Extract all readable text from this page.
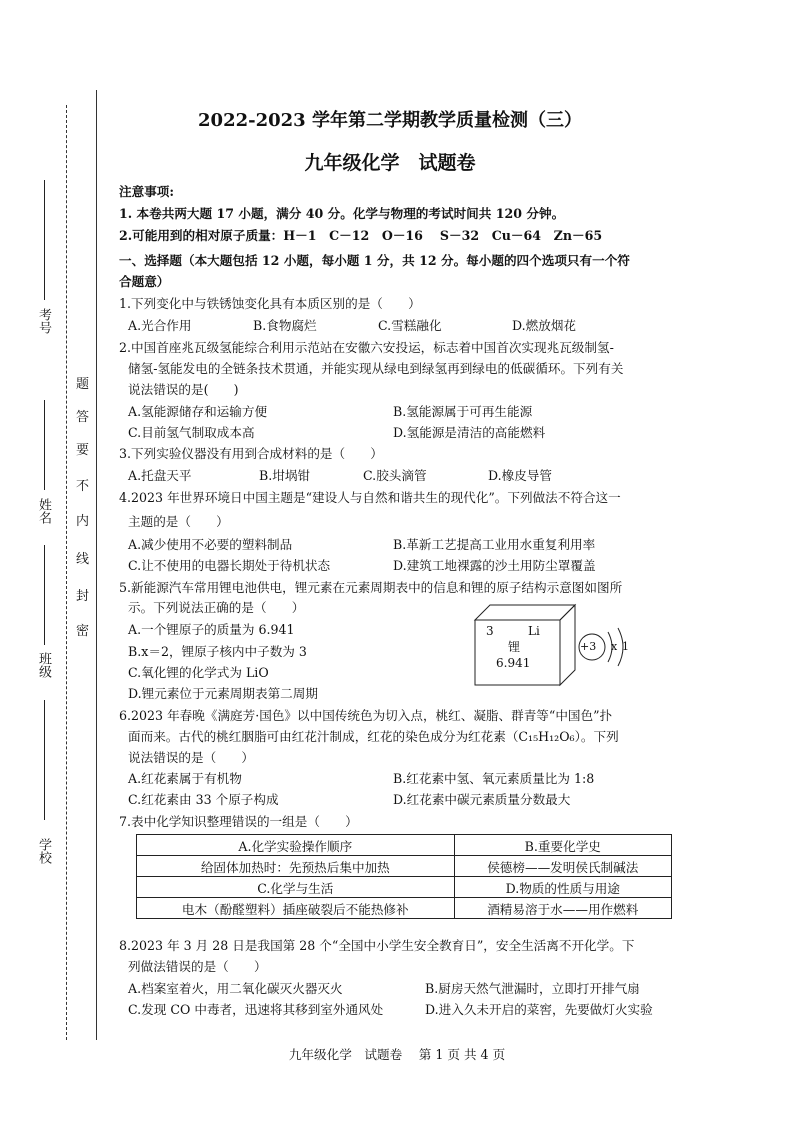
考号
姓名
班级
学校
题
答
要
不
内
线
封
密
2022-2023 学年第二学期教学质量检测（三）
九年级化学　试题卷
注意事项:
1. 本卷共两大题 17 小题，满分 40 分。化学与物理的考试时间共 120 分钟。
2.可能用到的相对原子质量：H－1　C－12　O－16　 S－32　Cu－64　Zn－65
一、选择题（本大题包括 12 小题，每小题 1 分，共 12 分。每小题的四个选项只有一个符
合题意）
1.下列变化中与铁锈蚀变化具有本质区别的是（　　）
A.光合作用	B.食物腐烂	C.雪糕融化	D.燃放烟花
2.中国首座兆瓦级氢能综合利用示范站在安徽六安投运，标志着中国首次实现兆瓦级制氢-
储氢-氢能发电的全链条技术贯通，并能实现从绿电到绿氢再到绿电的低碳循环。下列有关
说法错误的是(　　)
A.氢能源储存和运输方便	B.氢能源属于可再生能源
C.目前氢气制取成本高	D.氢能源是清洁的高能燃料
3.下列实验仪器没有用到合成材料的是（　　）
A.托盘天平	B.坩埚钳	C.胶头滴管	D.橡皮导管
4.2023 年世界环境日中国主题是“建设人与自然和谐共生的现代化”。下列做法不符合这一
主题的是（　　）
A.减少使用不必要的塑料制品	B.革新工艺提高工业用水重复利用率
C.让不使用的电器长期处于待机状态	D.建筑工地裸露的沙土用防尘罩覆盖
5.新能源汽车常用锂电池供电，锂元素在元素周期表中的信息和锂的原子结构示意图如图所
示。下列说法正确的是（　　）
A.一个锂原子的质量为 6.941
B.x＝2，锂原子核内中子数为 3
C.氧化锂的化学式为 LiO
D.锂元素位于元素周期表第二周期
3	Li
锂
6.941
+3 x 1
6.2023 年春晚《满庭芳·国色》以中国传统色为切入点，桃红、凝脂、群青等“中国色”扑
面而来。古代的桃红胭脂可由红花汁制成，红花的染色成分为红花素（C₁₅H₁₂O₆）。下列
说法错误的是（　　）
A.红花素属于有机物	B.红花素中氢、氧元素质量比为 1:8
C.红花素由 33 个原子构成	D.红花素中碳元素质量分数最大
7.表中化学知识整理错误的一组是（　　）
A.化学实验操作顺序	B.重要化学史
给固体加热时：先预热后集中加热	侯德榜——发明侯氏制碱法
C.化学与生活	D.物质的性质与用途
电木（酚醛塑料）插座破裂后不能热修补	酒精易溶于水——用作燃料
8.2023 年 3 月 28 日是我国第 28 个“全国中小学生安全教育日”，安全生活离不开化学。下
列做法错误的是（　　）
A.档案室着火，用二氧化碳灭火器灭火	B.厨房天然气泄漏时，立即打开排气扇
C.发现 CO 中毒者，迅速将其移到室外通风处	D.进入久未开启的菜窖，先要做灯火实验
九年级化学　试题卷　 第 1 页 共 4 页
